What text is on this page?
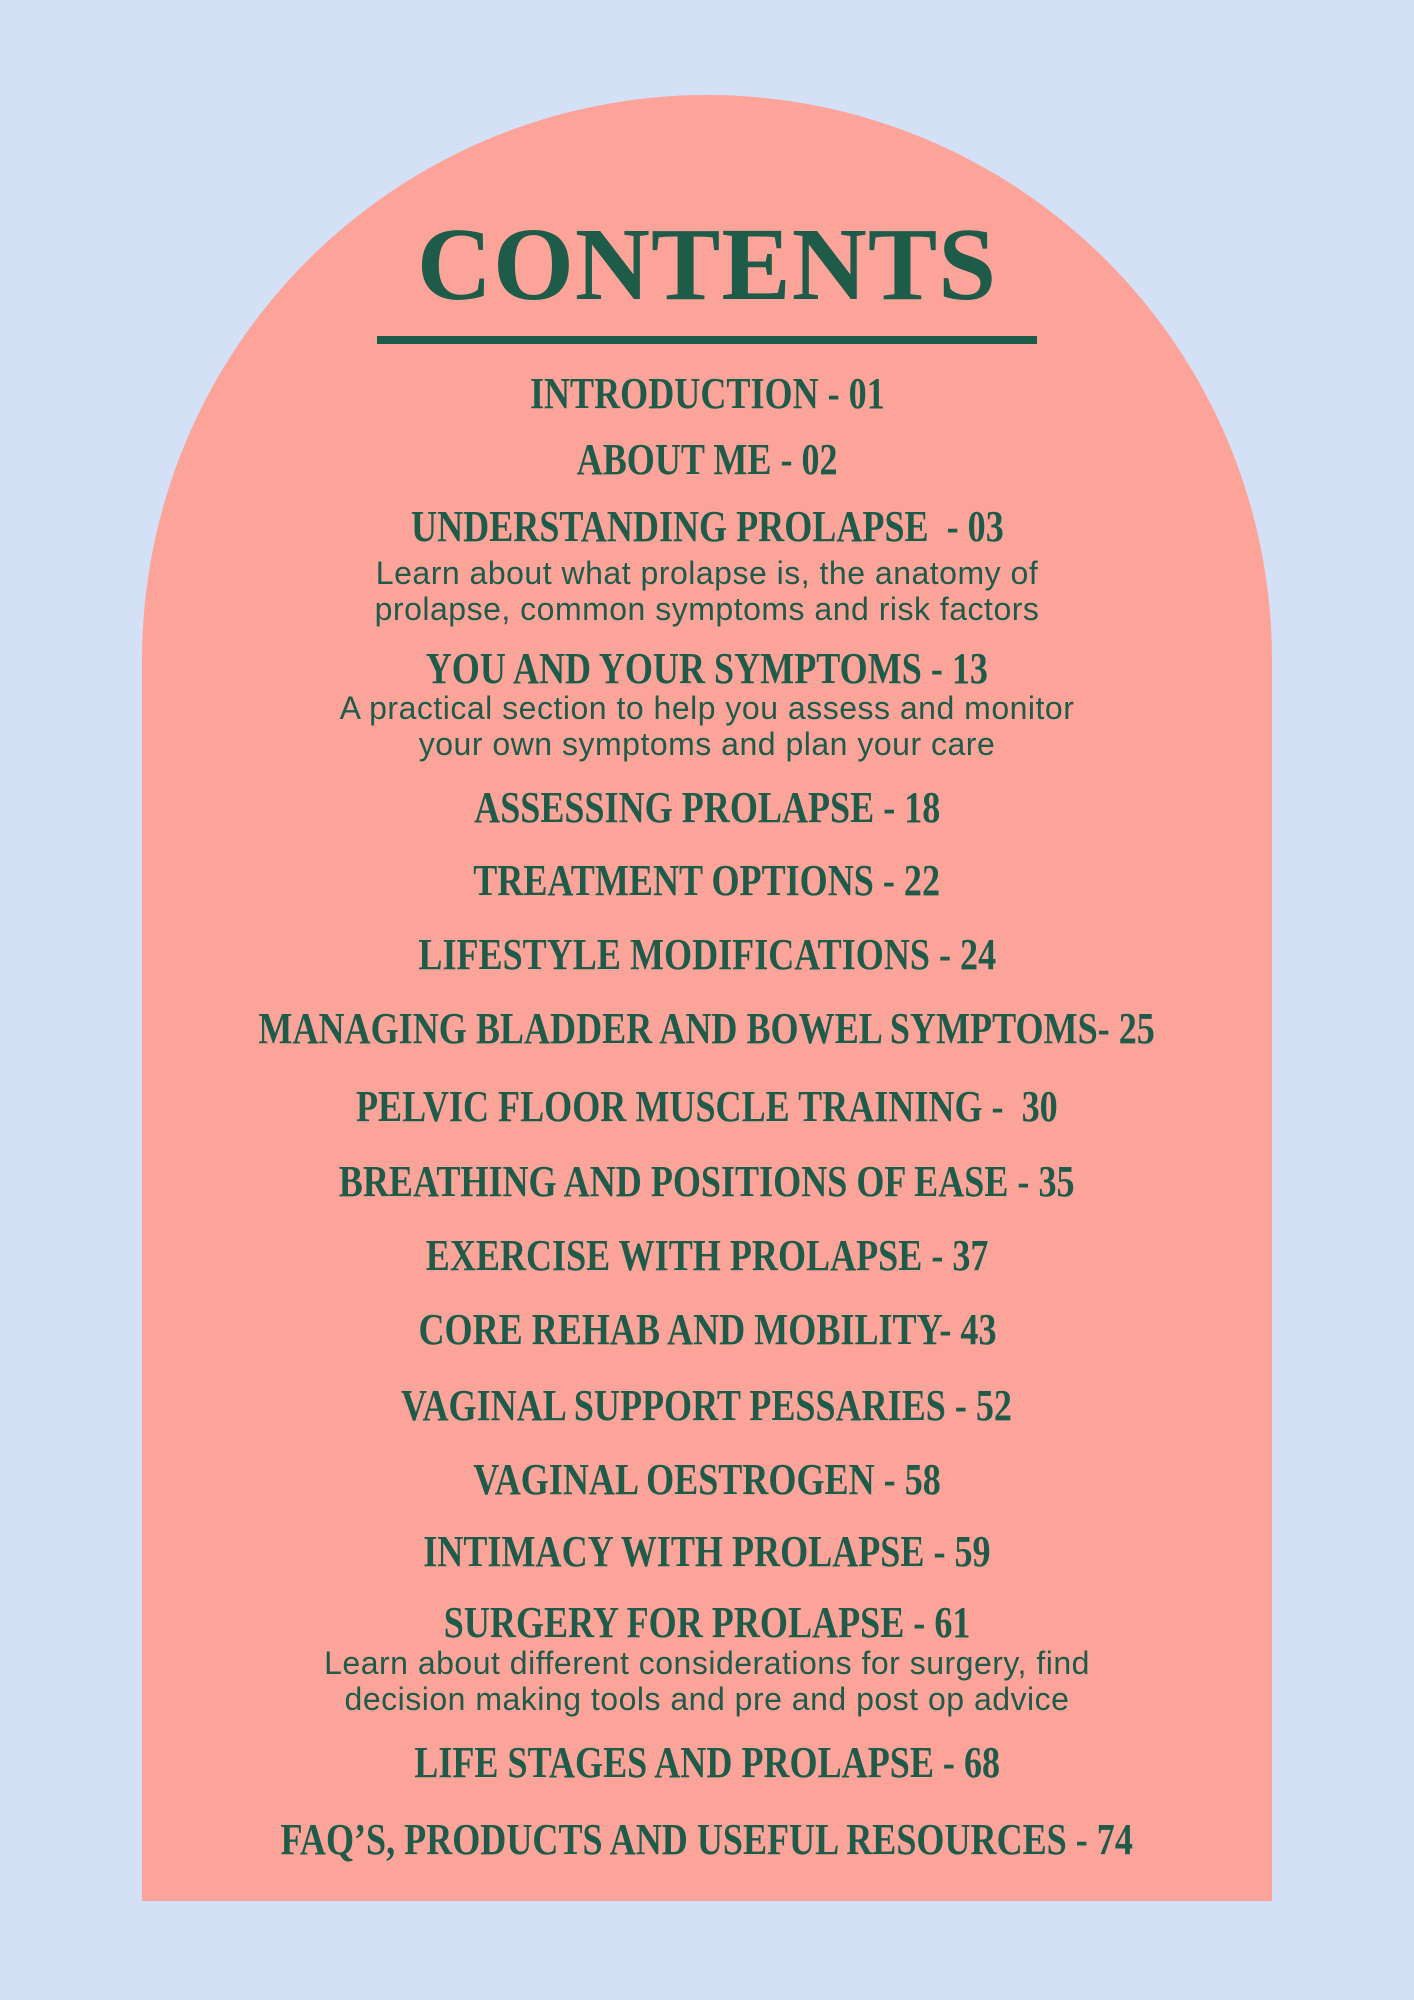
CONTENTS
INTRODUCTION - 01
ABOUT ME - 02
UNDERSTANDING PROLAPSE  - 03
Learn about what prolapse is, the anatomy of
prolapse, common symptoms and risk factors
YOU AND YOUR SYMPTOMS - 13
A practical section to help you assess and monitor
your own symptoms and plan your care
ASSESSING PROLAPSE - 18
TREATMENT OPTIONS - 22
LIFESTYLE MODIFICATIONS - 24
MANAGING BLADDER AND BOWEL SYMPTOMS- 25
PELVIC FLOOR MUSCLE TRAINING -  30
BREATHING AND POSITIONS OF EASE - 35
EXERCISE WITH PROLAPSE - 37
CORE REHAB AND MOBILITY- 43
VAGINAL SUPPORT PESSARIES - 52
VAGINAL OESTROGEN - 58
INTIMACY WITH PROLAPSE - 59
SURGERY FOR PROLAPSE - 61
Learn about different considerations for surgery, find
decision making tools and pre and post op advice
LIFE STAGES AND PROLAPSE - 68
FAQ’S, PRODUCTS AND USEFUL RESOURCES - 74
